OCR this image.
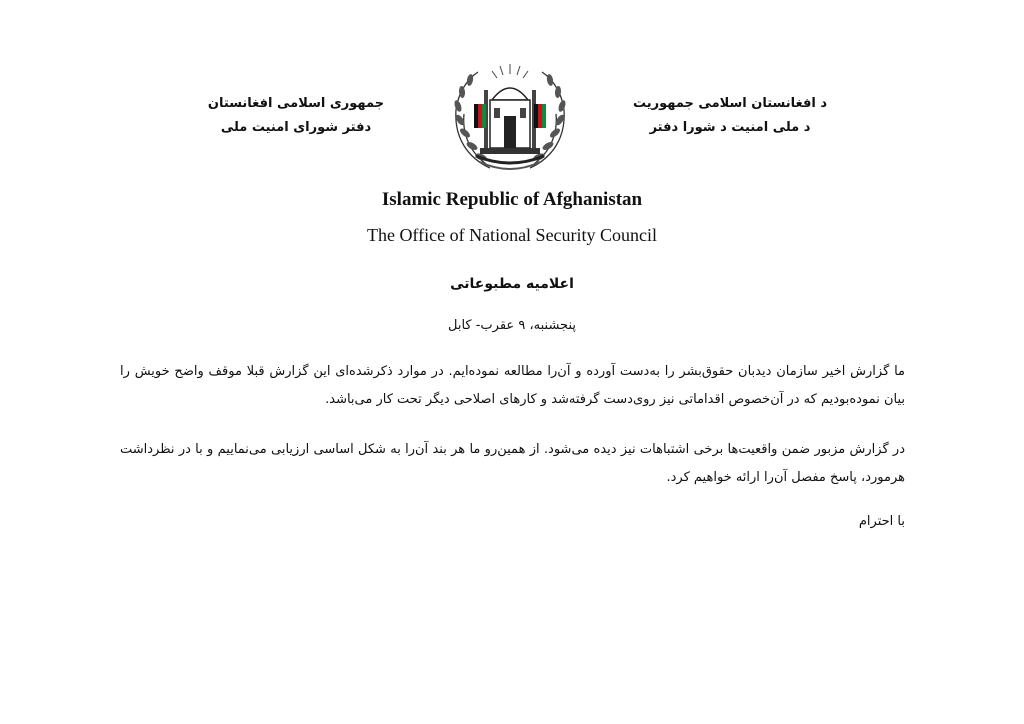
جمهوری اسلامی افغانستان
دفتر شورای امنیت ملی
د افغانستان اسلامی جمهوریت
د ملی امنیت د شورا دفتر
Islamic Republic of Afghanistan
The Office of National Security Council
اعلامیه مطبوعاتی
پنجشنبه، ۹ عقرب- کابل

ما گزارش اخیر سازمان دیدبان حقوق‌بشر را به‌دست آورده و آن‌را مطالعه نموده‌ایم. در موارد ذکرشده‌ای این گزارش قبلا موقف واضح خویش را بیان نموده‌بودیم که در آن‌خصوص اقداماتی نیز روی‌دست گرفته‌شد و کارهای اصلاحی دیگر تحت کار می‌باشد.

در گزارش مزبور ضمن واقعیت‌ها برخی اشتباهات نیز دیده می‌شود. از همین‌رو ما هر بند آن‌را به شکل اساسی ارزیابی می‌نماییم و با در نظرداشت هرمورد، پاسخ مفصل آن‌را ارائه خواهیم کرد.

با احترام
